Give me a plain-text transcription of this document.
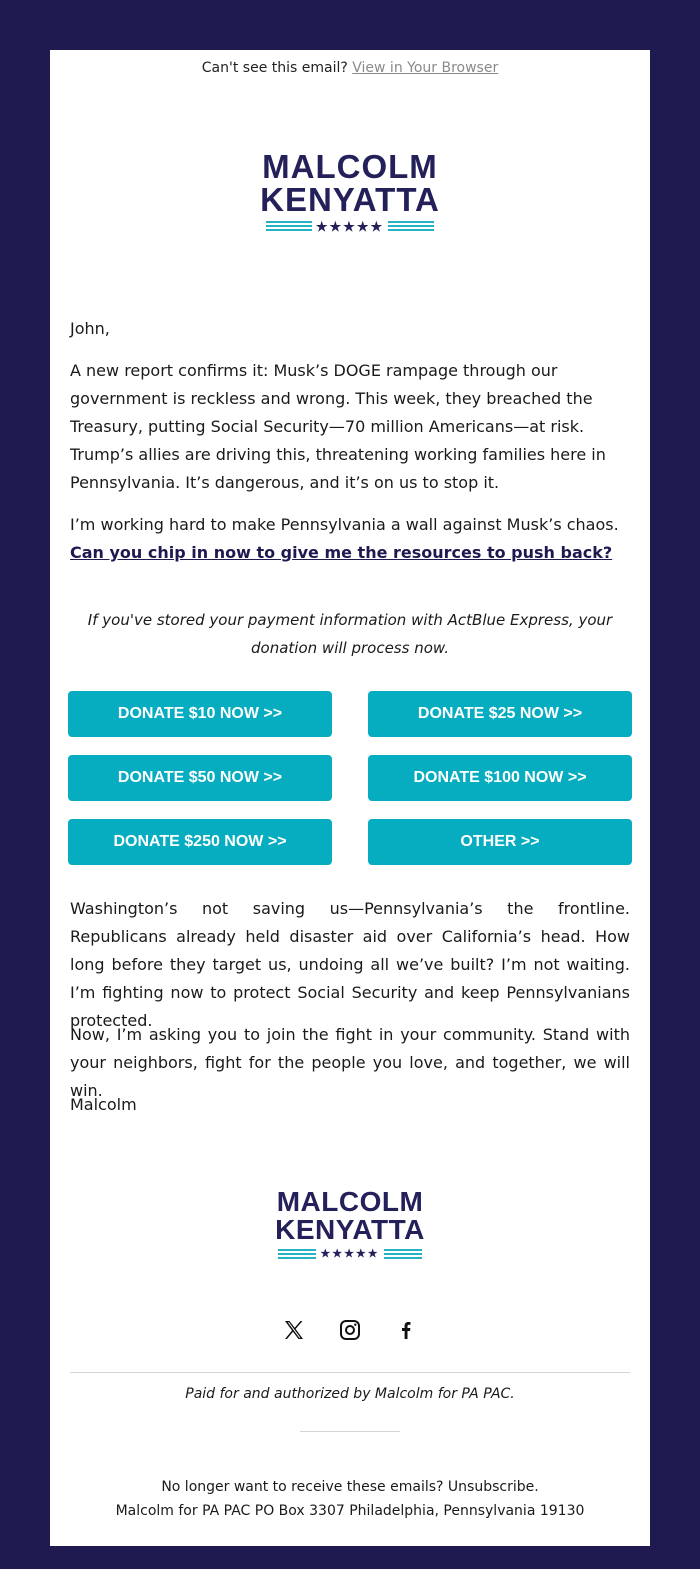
Can't see this email? View in Your Browser
MALCOLM
KENYATTA
★★★★★
John,
A new report confirms it: Musk’s DOGE rampage through our government is reckless and wrong. This week, they breached the Treasury, putting Social Security—70 million Americans—at risk. Trump’s allies are driving this, threatening working families here in Pennsylvania. It’s dangerous, and it’s on us to stop it.
I’m working hard to make Pennsylvania a wall against Musk’s chaos. Can you chip in now to give me the resources to push back?
If you've stored your payment information with ActBlue Express, your donation will process now.
DONATE $10 NOW >>	DONATE $25 NOW >>
DONATE $50 NOW >>	DONATE $100 NOW >>
DONATE $250 NOW >>	OTHER >>
Washington’s not saving us—Pennsylvania’s the frontline. Republicans already held disaster aid over California’s head. How long before they target us, undoing all we’ve built? I’m not waiting. I’m fighting now to protect Social Security and keep Pennsylvanians protected.
Now, I’m asking you to join the fight in your community. Stand with your neighbors, fight for the people you love, and together, we will win.
Malcolm
MALCOLM
KENYATTA
★★★★★
Paid for and authorized by Malcolm for PA PAC.
No longer want to receive these emails? Unsubscribe.
Malcolm for PA PAC PO Box 3307 Philadelphia, Pennsylvania 19130
